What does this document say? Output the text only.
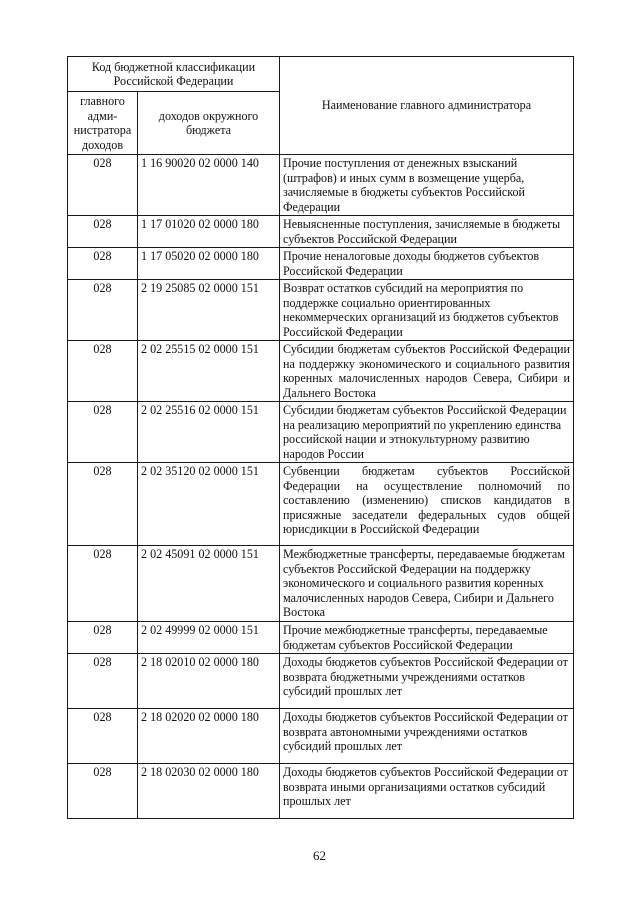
Код бюджетной классификации Российской Федерации		Наименование главного администратора
главного адми-нистратора доходов	доходов окружного бюджета	
028	1 16 90020 02 0000 140	Прочие поступления от денежных взысканий (штрафов) и иных сумм в возмещение ущерба, зачисляемые в бюджеты субъектов Российской Федерации
028	1 17 01020 02 0000 180	Невыясненные поступления, зачисляемые в бюджеты субъектов Российской Федерации
028	1 17 05020 02 0000 180	Прочие неналоговые доходы бюджетов субъектов Российской Федерации
028	2 19 25085 02 0000 151	Возврат остатков субсидий на мероприятия по поддержке социально ориентированных некоммерческих организаций из бюджетов субъектов Российской Федерации
028	2 02 25515 02 0000 151	Субсидии бюджетам субъектов Российской Федерации на поддержку экономического и социального развития коренных малочисленных народов Севера, Сибири и Дальнего Востока
028	2 02 25516 02 0000 151	Субсидии бюджетам субъектов Российской Федерации на реализацию мероприятий по укреплению единства российской нации и этнокультурному развитию народов России
028	2 02 35120 02 0000 151	Субвенции бюджетам субъектов Российской Федерации на осуществление полномочий по составлению (изменению) списков кандидатов в присяжные заседатели федеральных судов общей юрисдикции в Российской Федерации
028	2 02 45091 02 0000 151	Межбюджетные трансферты, передаваемые бюджетам субъектов Российской Федерации на поддержку экономического и социального развития коренных малочисленных народов Севера, Сибири и Дальнего Востока
028	2 02 49999 02 0000 151	Прочие межбюджетные трансферты, передаваемые бюджетам субъектов Российской Федерации
028	2 18 02010 02 0000 180	Доходы бюджетов субъектов Российской Федерации от возврата бюджетными учреждениями остатков субсидий прошлых лет
028	2 18 02020 02 0000 180	Доходы бюджетов субъектов Российской Федерации от возврата автономными учреждениями остатков субсидий прошлых лет
028	2 18 02030 02 0000 180	Доходы бюджетов субъектов Российской Федерации от возврата иными организациями остатков субсидий прошлых лет
62
